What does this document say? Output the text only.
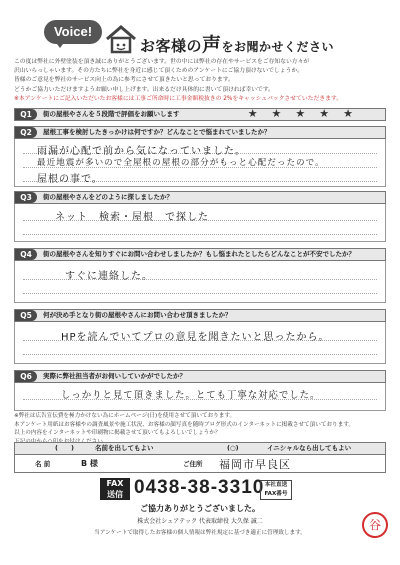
Voice!
お客様の声をお聞かせください
この度は弊社に外壁塗装を頂き誠にありがとうございます。世の中には弊社の存在やサービスをご存知ない方々が
沢山いらっしゃいます。その方たちに弊社を身近に感じて頂くためのアンケートにご協力頂けないでしょうか。
皆様のご意見を弊社のサービス向上の為に参考にさせて頂きたいと思っております。
どうかご協力いただけますようお願い申し上げます。出来るだけ具体的に書いて頂ければ幸いです。
※本アンケートにご記入いただいたお客様には工事ご所命時に工事金額税抜きの 2%をキャッシュバックさせていただきます。
Q1	街の屋根やさんを５段階で評価をお願いします	★★★★★
Q2	屋根工事を検討したきっかけは何ですか？どんなことで悩まれていましたか？
雨漏が心配で前から気になっていました。
最近地震が多いので全屋根の屋根の部分がもっと心配だったので。
屋根の事で。
Q3	街の屋根やさんをどのように探しましたか？
ネット　検索・屋根　で探した
Q4	街の屋根やさんを知りすぐにお問い合わせしましたか？もし悩まれたとしたらどんなことが不安でしたか？
すぐに連絡した。
Q5	何が決め手となり街の屋根やさんにお問い合わせ頂きましたか？
HPを読んでいてプロの意見を聞きたいと思ったから。
Q6	実際に弊社担当者がお伺いしていかがでしたか？
しっかりと見て頂きました。とても丁寧な対応でした。
※弊社は広告宣伝費を極力かけない為にホームページ(日)を使用させて頂いております。
本アンケート用紙はお客様やの調査風景や施工状況、お客様の顔写真を随時ブログ形式のインターネットに掲載させて頂いております。
以上の内容をインターネットや印刷物に掲載させて頂いてもよろしいでしょうか？
(　　)	名前を出してもよい	(○)	イニシャルなら出してもよい
名 前	B 様	ご住所 福岡市早良区
FAX
送信 0438-38-3310 本社直送
FAX番号
ご協力ありがとうございました。
株式会社シェアテック 代表取締役 大久保 誠二
当アンケートで取得したお客様の個人情報は弊社規定に基づき適正に管理致します。
谷
